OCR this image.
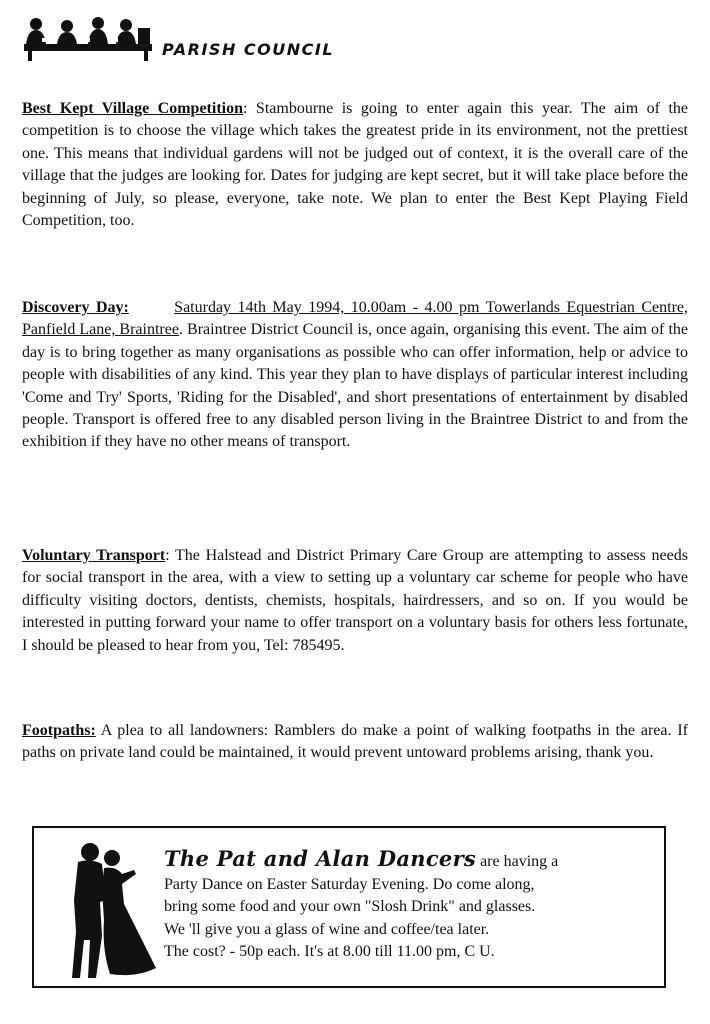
PARISH COUNCIL

Best Kept Village Competition: Stambourne is going to enter again this year. The aim of the competition is to choose the village which takes the greatest pride in its environment, not the prettiest one. This means that individual gardens will not be judged out of context, it is the overall care of the village that the judges are looking for. Dates for judging are kept secret, but it will take place before the beginning of July, so please, everyone, take note. We plan to enter the Best Kept Playing Field Competition, too.

Discovery Day:	Saturday 14th May 1994, 10.00am - 4.00 pm Towerlands Equestrian Centre, Panfield Lane, Braintree. Braintree District Council is, once again, organising this event. The aim of the day is to bring together as many organisations as possible who can offer information, help or advice to people with disabilities of any kind. This year they plan to have displays of particular interest including 'Come and Try' Sports, 'Riding for the Disabled', and short presentations of entertainment by disabled people. Transport is offered free to any disabled person living in the Braintree District to and from the exhibition if they have no other means of transport.

Voluntary Transport: The Halstead and District Primary Care Group are attempting to assess needs for social transport in the area, with a view to setting up a voluntary car scheme for people who have difficulty visiting doctors, dentists, chemists, hospitals, hairdressers, and so on. If you would be interested in putting forward your name to offer transport on a voluntary basis for others less fortunate, I should be pleased to hear from you, Tel: 785495.

Footpaths: A plea to all landowners: Ramblers do make a point of walking footpaths in the area. If paths on private land could be maintained, it would prevent untoward problems arising, thank you.

The Pat and Alan Dancers are having a

Party Dance on Easter Saturday Evening. Do come along,

bring some food and your own "Slosh Drink" and glasses.

We 'll give you a glass of wine and coffee/tea later.

The cost? - 50p each. It's at 8.00 till 11.00 pm, C U.
